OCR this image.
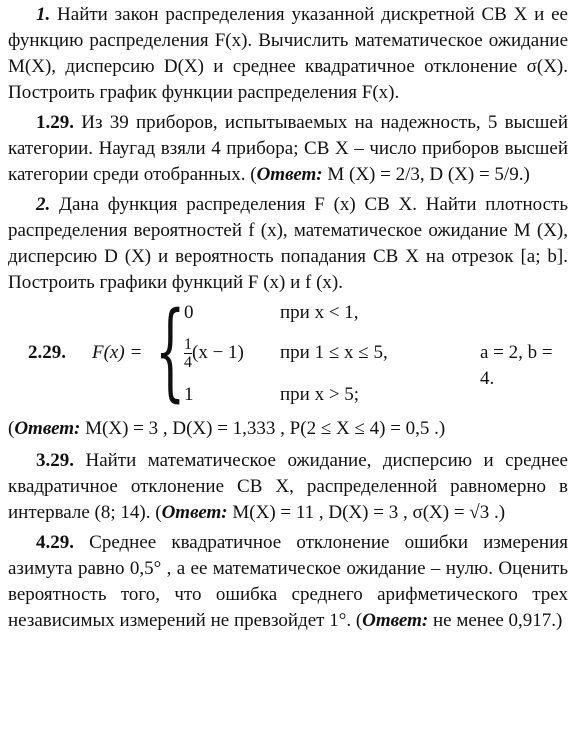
1. Найти закон распределения указанной дискретной СВ X и ее функцию распределения F(x). Вычислить математическое ожидание M(X), дисперсию D(X) и среднее квадратичное отклонение σ(X). Построить график функции распределения F(x).

1.29. Из 39 приборов, испытываемых на надежность, 5 высшей категории. Наугад взяли 4 прибора; СВ X – число приборов высшей категории среди отобранных. (Ответ: M (X) = 2/3, D (X) = 5/9.)

2. Дана функция распределения F (x) СВ X. Найти плотность распределения вероятностей f (x), математическое ожидание M (X), дисперсию D (X) и вероятность попадания СВ X на отрезок [a; b]. Построить графики функций F (x) и f (x).

2.29. F(x) = {
0	при x < 1,
$\frac{1}{4} (x - 1)$ при 1 ≤ x ≤ 5,	a = 2, b = 4.
1	при x > 5;

(Ответ: M(X) = 3 , D(X) = 1,333 , P(2 ≤ X ≤ 4) = 0,5 .)

3.29. Найти математическое ожидание, дисперсию и среднее квадратичное отклонение СВ X, распределенной равномерно в интервале (8; 14). (Ответ: M(X) = 11 , D(X) = 3 , σ(X) = √3 .)

4.29. Среднее квадратичное отклонение ошибки измерения азимута равно 0,5° , а ее математическое ожидание – нулю. Оценить вероятность того, что ошибка среднего арифметического трех независимых измерений не превзойдет 1°. (Ответ: не менее 0,917.)
